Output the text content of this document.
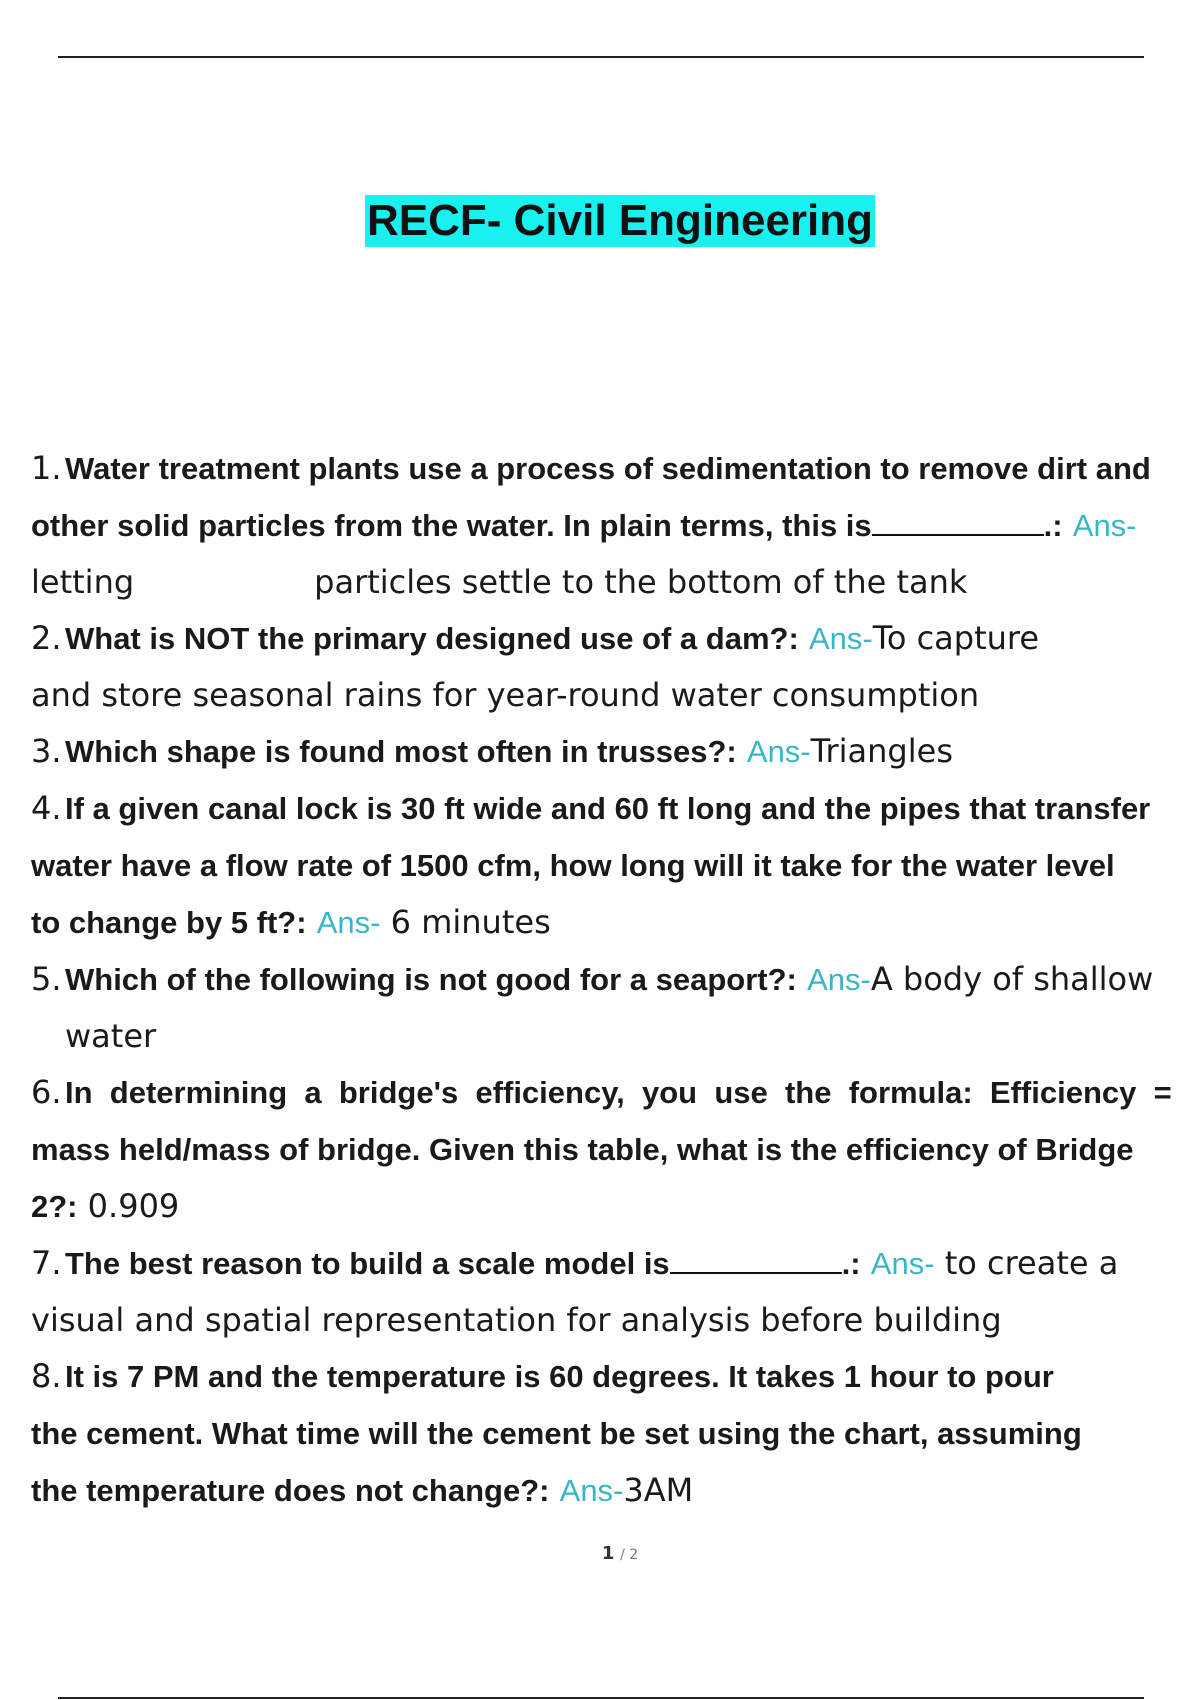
RECF- Civil Engineering
1. Water treatment plants use a process of sedimentation to remove dirt and
other solid particles from the water. In plain terms, this is	.: Ans-
letting	particles settle to the bottom of the tank
2. What is NOT the primary designed use of a dam?: Ans-To capture
and store seasonal rains for year-round water consumption
3. Which shape is found most often in trusses?: Ans-Triangles
4. If a given canal lock is 30 ft wide and 60 ft long and the pipes that transfer
water have a flow rate of 1500 cfm, how long will it take for the water level
to change by 5 ft?: Ans- 6 minutes
5. Which of the following is not good for a seaport?: Ans-A body of shallow
water
6. In  determining  a  bridge's  efficiency,  you  use  the  formula:  Efficiency  =
mass held/mass of bridge. Given this table, what is the efficiency of Bridge
2?: 0.909
7. The best reason to build a scale model is	.: Ans- to create a
visual and spatial representation for analysis before building
8. It is 7 PM and the temperature is 60 degrees. It takes 1 hour to pour
the cement. What time will the cement be set using the chart, assuming
the temperature does not change?: Ans-3AM
1 / 2
